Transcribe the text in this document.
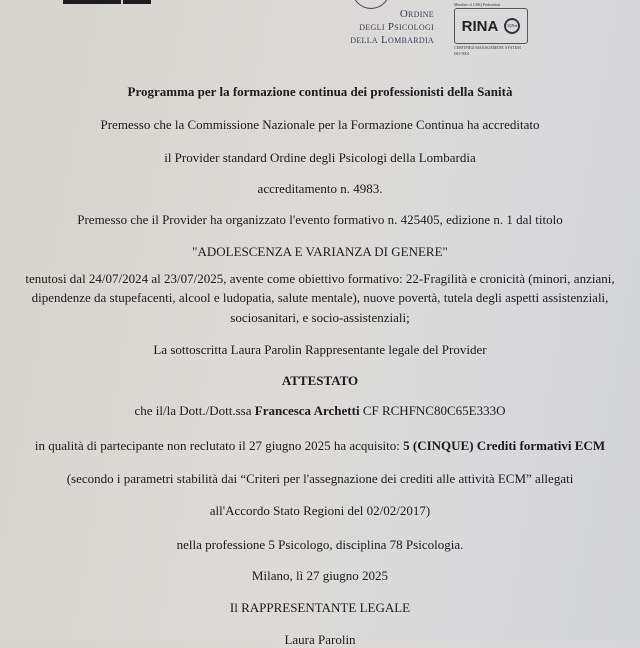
Ordine
degli Psicologi
della Lombardia
Member of CISQ Federation
RINA	IQNet
CERTIFIED MANAGEMENT SYSTEM
ISO 9001
Programma per la formazione continua dei professionisti della Sanità
Premesso che la Commissione Nazionale per la Formazione Continua ha accreditato
il Provider standard Ordine degli Psicologi della Lombardia
accreditamento n. 4983.
Premesso che il Provider ha organizzato l'evento formativo n. 425405, edizione n. 1 dal titolo
"ADOLESCENZA E VARIANZA DI GENERE"
tenutosi dal 24/07/2024 al 23/07/2025, avente come obiettivo formativo: 22-Fragilità e cronicità (minori, anziani,
dipendenze da stupefacenti, alcool e ludopatia, salute mentale), nuove povertà, tutela degli aspetti assistenziali,
sociosanitari, e socio-assistenziali;
La sottoscritta Laura Parolin Rappresentante legale del Provider
ATTESTATO
che il/la Dott./Dott.ssa Francesca Archetti CF RCHFNC80C65E333O
in qualità di partecipante non reclutato il 27 giugno 2025 ha acquisito: 5 (CINQUE) Crediti formativi ECM
(secondo i parametri stabilità dai “Criteri per l'assegnazione dei crediti alle attività ECM” allegati
all'Accordo Stato Regioni del 02/02/2017)
nella professione 5 Psicologo, disciplina 78 Psicologia.
Milano, lì 27 giugno 2025
Il RAPPRESENTANTE LEGALE
Laura Parolin
